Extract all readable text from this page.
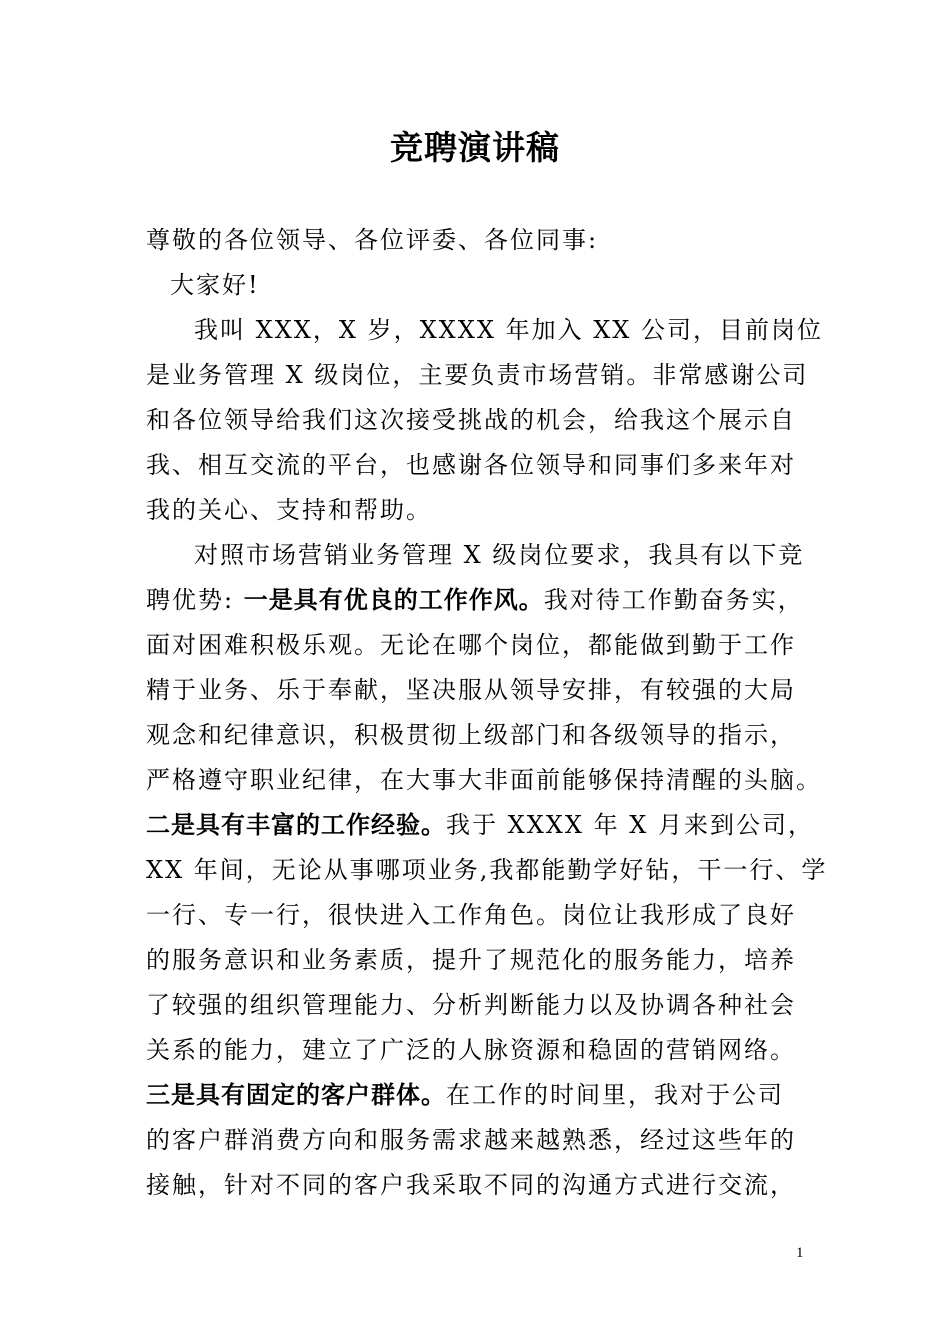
竞聘演讲稿
尊敬的各位领导、各位评委、各位同事:
大家好!
我叫 XXX，X 岁，XXXX 年加入 XX 公司，目前岗位
是业务管理 X 级岗位，主要负责市场营销。非常感谢公司
和各位领导给我们这次接受挑战的机会，给我这个展示自
我、相互交流的平台，也感谢各位领导和同事们多来年对
我的关心、支持和帮助。
对照市场营销业务管理 X 级岗位要求，我具有以下竞
聘优势: 一是具有优良的工作作风。我对待工作勤奋务实，
面对困难积极乐观。无论在哪个岗位，都能做到勤于工作
精于业务、乐于奉献，坚决服从领导安排，有较强的大局
观念和纪律意识，积极贯彻上级部门和各级领导的指示，
严格遵守职业纪律，在大事大非面前能够保持清醒的头脑。
二是具有丰富的工作经验。我于 XXXX 年 X 月来到公司，
XX 年间，无论从事哪项业务,我都能勤学好钻，干一行、学
一行、专一行，很快进入工作角色。岗位让我形成了良好
的服务意识和业务素质，提升了规范化的服务能力，培养
了较强的组织管理能力、分析判断能力以及协调各种社会
关系的能力，建立了广泛的人脉资源和稳固的营销网络。
三是具有固定的客户群体。在工作的时间里，我对于公司
的客户群消费方向和服务需求越来越熟悉，经过这些年的
接触，针对不同的客户我采取不同的沟通方式进行交流，
1
